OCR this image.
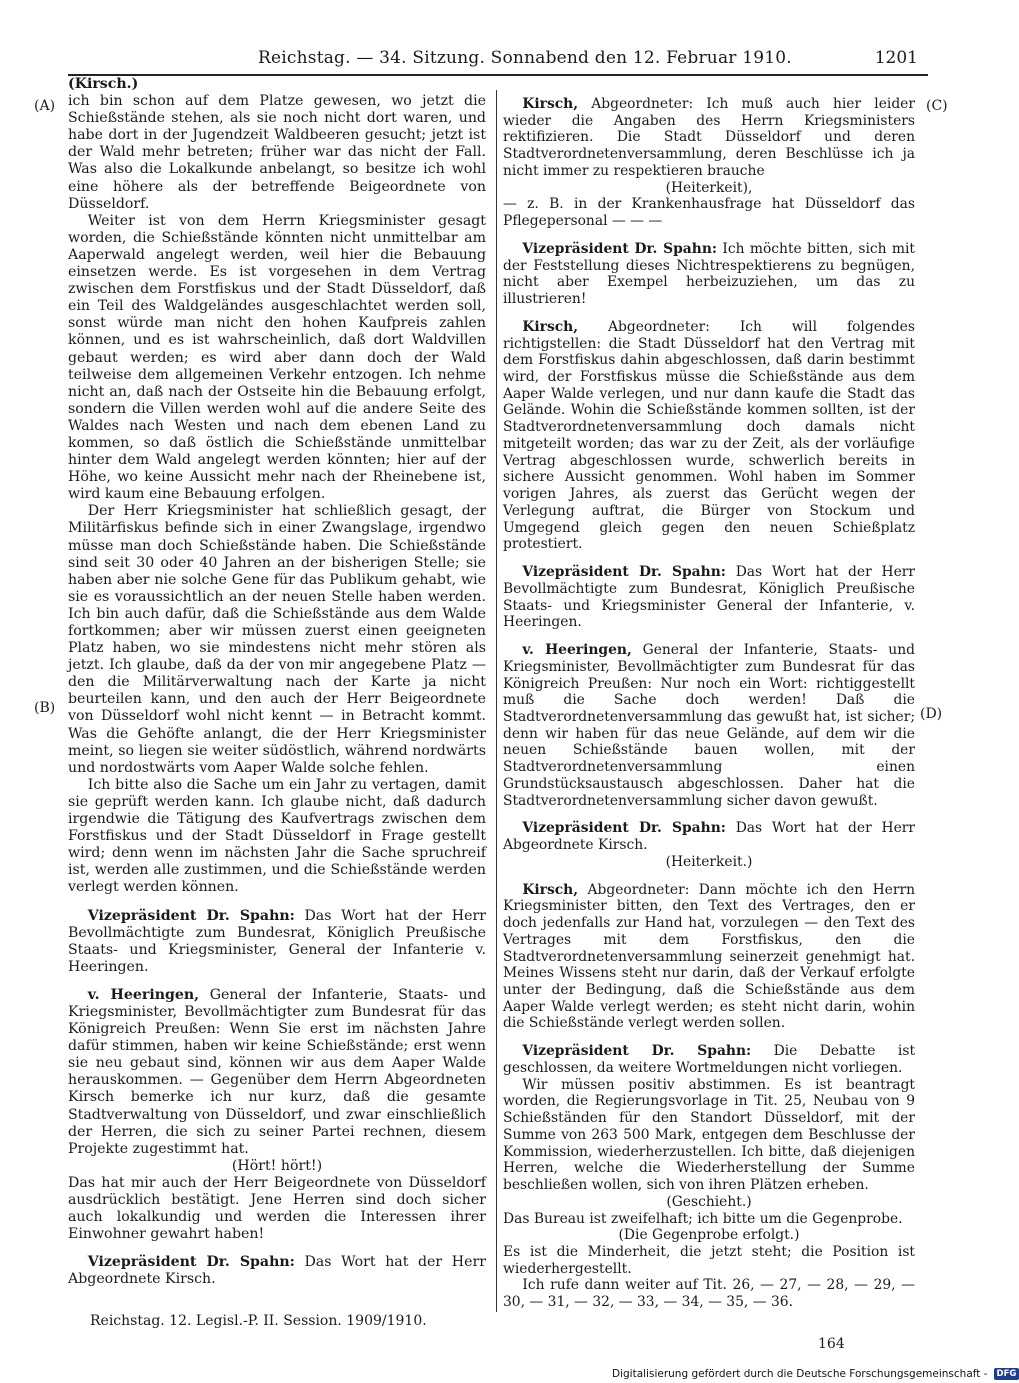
Reichstag. — 34. Sitzung. Sonnabend den 12. Februar 1910.	1201
(A)
(B)
(C)
(D)

(Kirsch.)

ich bin schon auf dem Platze gewesen, wo jetzt die Schießstände stehen, als sie noch nicht dort waren, und habe dort in der Jugendzeit Waldbeeren gesucht; jetzt ist der Wald mehr betreten; früher war das nicht der Fall. Was also die Lokalkunde anbelangt, so besitze ich wohl eine höhere als der betreffende Beigeordnete von Düsseldorf.

Weiter ist von dem Herrn Kriegsminister gesagt worden, die Schießstände könnten nicht unmittelbar am Aaperwald angelegt werden, weil hier die Bebauung einsetzen werde. Es ist vorgesehen in dem Vertrag zwischen dem Forstfiskus und der Stadt Düsseldorf, daß ein Teil des Waldgeländes ausgeschlachtet werden soll, sonst würde man nicht den hohen Kaufpreis zahlen können, und es ist wahrscheinlich, daß dort Waldvillen gebaut werden; es wird aber dann doch der Wald teilweise dem allgemeinen Verkehr entzogen. Ich nehme nicht an, daß nach der Ostseite hin die Bebauung erfolgt, sondern die Villen werden wohl auf die andere Seite des Waldes nach Westen und nach dem ebenen Land zu kommen, so daß östlich die Schießstände unmittelbar hinter dem Wald angelegt werden könnten; hier auf der Höhe, wo keine Aussicht mehr nach der Rheinebene ist, wird kaum eine Bebauung erfolgen.

Der Herr Kriegsminister hat schließlich gesagt, der Militärfiskus befinde sich in einer Zwangslage, irgendwo müsse man doch Schießstände haben. Die Schießstände sind seit 30 oder 40 Jahren an der bisherigen Stelle; sie haben aber nie solche Gene für das Publikum gehabt, wie sie es voraussichtlich an der neuen Stelle haben werden. Ich bin auch dafür, daß die Schießstände aus dem Walde fortkommen; aber wir müssen zuerst einen geeigneten Platz haben, wo sie mindestens nicht mehr stören als jetzt. Ich glaube, daß da der von mir angegebene Platz — den die Militärverwaltung nach der Karte ja nicht beurteilen kann, und den auch der Herr Beigeordnete von Düsseldorf wohl nicht kennt — in Betracht kommt. Was die Gehöfte anlangt, die der Herr Kriegsminister meint, so liegen sie weiter südöstlich, während nordwärts und nordostwärts vom Aaper Walde solche fehlen.

Ich bitte also die Sache um ein Jahr zu vertagen, damit sie geprüft werden kann. Ich glaube nicht, daß dadurch irgendwie die Tätigung des Kaufvertrags zwischen dem Forstfiskus und der Stadt Düsseldorf in Frage gestellt wird; denn wenn im nächsten Jahr die Sache spruchreif ist, werden alle zustimmen, und die Schießstände werden verlegt werden können.

Vizepräsident Dr. Spahn: Das Wort hat der Herr Bevollmächtigte zum Bundesrat, Königlich Preußische Staats- und Kriegsminister, General der Infanterie v. Heeringen.

v. Heeringen, General der Infanterie, Staats- und Kriegsminister, Bevollmächtigter zum Bundesrat für das Königreich Preußen: Wenn Sie erst im nächsten Jahre dafür stimmen, haben wir keine Schießstände; erst wenn sie neu gebaut sind, können wir aus dem Aaper Walde herauskommen. — Gegenüber dem Herrn Abgeordneten Kirsch bemerke ich nur kurz, daß die gesamte Stadtverwaltung von Düsseldorf, und zwar einschließlich der Herren, die sich zu seiner Partei rechnen, diesem Projekte zugestimmt hat.

(Hört! hört!)

Das hat mir auch der Herr Beigeordnete von Düsseldorf ausdrücklich bestätigt. Jene Herren sind doch sicher auch lokalkundig und werden die Interessen ihrer Einwohner gewahrt haben!

Vizepräsident Dr. Spahn: Das Wort hat der Herr Abgeordnete Kirsch.

Kirsch, Abgeordneter: Ich muß auch hier leider wieder die Angaben des Herrn Kriegsministers rektifizieren. Die Stadt Düsseldorf und deren Stadtverordnetenversammlung, deren Beschlüsse ich ja nicht immer zu respektieren brauche

(Heiterkeit),

— z. B. in der Krankenhausfrage hat Düsseldorf das Pflegepersonal — — —

Vizepräsident Dr. Spahn: Ich möchte bitten, sich mit der Feststellung dieses Nichtrespektierens zu begnügen, nicht aber Exempel herbeizuziehen, um das zu illustrieren!

Kirsch, Abgeordneter: Ich will folgendes richtigstellen: die Stadt Düsseldorf hat den Vertrag mit dem Forstfiskus dahin abgeschlossen, daß darin bestimmt wird, der Forstfiskus müsse die Schießstände aus dem Aaper Walde verlegen, und nur dann kaufe die Stadt das Gelände. Wohin die Schießstände kommen sollten, ist der Stadtverordnetenversammlung doch damals nicht mitgeteilt worden; das war zu der Zeit, als der vorläufige Vertrag abgeschlossen wurde, schwerlich bereits in sichere Aussicht genommen. Wohl haben im Sommer vorigen Jahres, als zuerst das Gerücht wegen der Verlegung auftrat, die Bürger von Stockum und Umgegend gleich gegen den neuen Schießplatz protestiert.

Vizepräsident Dr. Spahn: Das Wort hat der Herr Bevollmächtigte zum Bundesrat, Königlich Preußische Staats- und Kriegsminister General der Infanterie, v. Heeringen.

v. Heeringen, General der Infanterie, Staats- und Kriegsminister, Bevollmächtigter zum Bundesrat für das Königreich Preußen: Nur noch ein Wort: richtiggestellt muß die Sache doch werden! Daß die Stadtverordnetenversammlung das gewußt hat, ist sicher; denn wir haben für das neue Gelände, auf dem wir die neuen Schießstände bauen wollen, mit der Stadtverordnetenversammlung einen Grundstücksaustausch abgeschlossen. Daher hat die Stadtverordnetenversammlung sicher davon gewußt.

Vizepräsident Dr. Spahn: Das Wort hat der Herr Abgeordnete Kirsch.

(Heiterkeit.)

Kirsch, Abgeordneter: Dann möchte ich den Herrn Kriegsminister bitten, den Text des Vertrages, den er doch jedenfalls zur Hand hat, vorzulegen — den Text des Vertrages mit dem Forstfiskus, den die Stadtverordnetenversammlung seinerzeit genehmigt hat. Meines Wissens steht nur darin, daß der Verkauf erfolgte unter der Bedingung, daß die Schießstände aus dem Aaper Walde verlegt werden; es steht nicht darin, wohin die Schießstände verlegt werden sollen.

Vizepräsident Dr. Spahn: Die Debatte ist geschlossen, da weitere Wortmeldungen nicht vorliegen.

Wir müssen positiv abstimmen. Es ist beantragt worden, die Regierungsvorlage in Tit. 25, Neubau von 9 Schießständen für den Standort Düsseldorf, mit der Summe von 263 500 Mark, entgegen dem Beschlusse der Kommission, wiederherzustellen. Ich bitte, daß diejenigen Herren, welche die Wiederherstellung der Summe beschließen wollen, sich von ihren Plätzen erheben.

(Geschieht.)

Das Bureau ist zweifelhaft; ich bitte um die Gegenprobe.

(Die Gegenprobe erfolgt.)

Es ist die Minderheit, die jetzt steht; die Position ist wiederhergestellt.

Ich rufe dann weiter auf Tit. 26, — 27, — 28, — 29, — 30, — 31, — 32, — 33, — 34, — 35, — 36.

Reichstag. 12. Legisl.-P. II. Session. 1909/1910.
164
Digitalisierung gefördert durch die Deutsche Forschungsgemeinschaft - DFG
